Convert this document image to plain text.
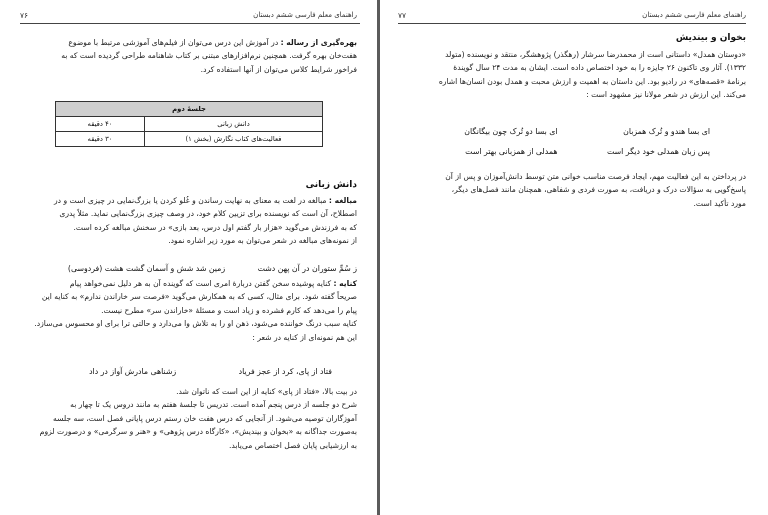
راهنمای معلم فارسی ششم دبستان
۷۶
بهره‌گیری از رساله : در آموزش این درس می‌توان از فیلم‌های آموزشی مرتبط با موضوع
هفت‌خان بهره گرفت. همچنین نرم‌افزارهای مبتنی بر کتاب شاهنامه طراحی گردیده است که به
فراخور شرایط کلاس می‌توان از آنها استفاده کرد.
جلسهٔ دوم	
دانش زبانی	۴۰ دقیقه
فعالیت‌های کتاب نگارش (بخش ۱)	۳۰ دقیقه
دانش زبانی
مبالغه : مبالغه در لغت به معنای به نهایت رساندن و غُلو کردن یا بزرگ‌نمایی در چیزی است و در
اصطلاح، آن است که نویسنده برای تزیین کلام خود، در وصف چیزی بزرگ‌نمایی نماید. مثلاً پدری
که به فرزندش می‌گوید «هزار بار گفتم اول درس، بعد بازی» در سخنش مبالغه کرده است.
از نمونه‌های مبالغه در شعر می‌توان به مورد زیر اشاره نمود.
ز سُمِّ ستوران در آن پهن دشت زمین شد شش و آسمان گشت هشت (فردوسی)
کنایه : کنایه پوشیده سخن گفتن دربارهٔ امری است که گوینده آن به هر دلیل نمی‌خواهد پیام
صریحاً گفته شود. برای مثال، کسی که به همکارش می‌گوید «فرصت سر خاراندن ندارم» به کنایه این
پیام را می‌دهد که کارم فشرده و زیاد است و مسئلهٔ «خاراندن سر» مطرح نیست.
کنایه سبب درنگ خواننده می‌شود، ذهن او را به تلاش وا می‌دارد و حالتی ترا برای او محسوس می‌سازد.
این هم نمونه‌ای از کنایه در شعر :
فتاد از پای، کرد از عجز فریاد زشناهی مادرش آواز در داد
در بیت بالا، «فتاد از پای» کنایه از این است که ناتوان شد.
شرح دو جلسه از درس پنجم آمده است. تدریس تا جلسهٔ هفتم به مانند دروس یک تا چهار به
آموزگاران توصیه می‌شود. از آنجایی که درس هفت خان رستم درس پایانی فصل است، سه جلسه
به‌صورت جداگانه به «بخوان و بیندیش»، «کارگاه درس پژوهی» و «هنر و سرگرمی» و درصورت لزوم
به ارزشیابی پایان فصل اختصاص می‌یابد.
راهنمای معلم فارسی ششم دبستان
۷۷
بخوان و بیندیش
«دوستان همدل» داستانی است از محمدرضا سرشار (رهگذر) پژوهشگر، منتقد و نویسنده (متولد
۱۳۳۲). آثار وی تاکنون ۲۶ جایزه را به خود اختصاص داده است. ایشان به مدت ۲۴ سال گویندهٔ
برنامهٔ «قصه‌های» در رادیو بود. این داستان به اهمیت و ارزش محبت و همدل بودن انسان‌ها اشاره
می‌کند. این ارزش در شعر مولانا نیز مشهود است :
ای بسا هندو و تُرک همزبان ای بسا دو تُرک چون بیگانگان
پس زبان همدلی خود دیگر است همدلی از همزبانی بهتر است
در پرداختن به این فعالیت مهم، ایجاد فرصت مناسب خوانی متن توسط دانش‌آموزان و پس از آن
پاسخ‌گویی به سؤالات درک و دریافت، به صورت فردی و شفاهی، همچنان مانند فصل‌های دیگر،
مورد تأکید است.
